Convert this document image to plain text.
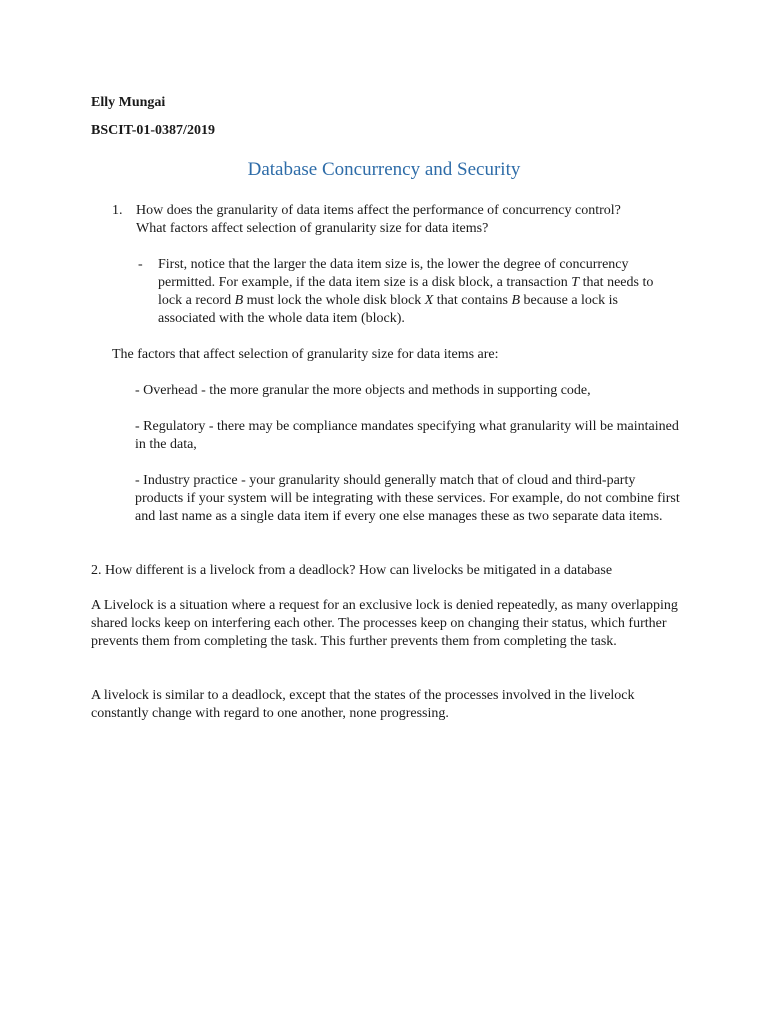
Elly Mungai
BSCIT-01-0387/2019
Database Concurrency and Security
1. How does the granularity of data items affect the performance of concurrency control? What factors affect selection of granularity size for data items?
-	First, notice that the larger the data item size is, the lower the degree of concurrency permitted. For example, if the data item size is a disk block, a transaction T that needs to lock a record B must lock the whole disk block X that contains B because a lock is associated with the whole data item (block).
The factors that affect selection of granularity size for data items are:
- Overhead - the more granular the more objects and methods in supporting code,
- Regulatory - there may be compliance mandates specifying what granularity will be maintained in the data,
- Industry practice - your granularity should generally match that of cloud and third-party products if your system will be integrating with these services. For example, do not combine first and last name as a single data item if every one else manages these as two separate data items.
2. How different is a livelock from a deadlock? How can livelocks be mitigated in a database
A Livelock is a situation where a request for an exclusive lock is denied repeatedly, as many overlapping shared locks keep on interfering each other. The processes keep on changing their status, which further prevents them from completing the task. This further prevents them from completing the task.
A livelock is similar to a deadlock, except that the states of the processes involved in the livelock constantly change with regard to one another, none progressing.
